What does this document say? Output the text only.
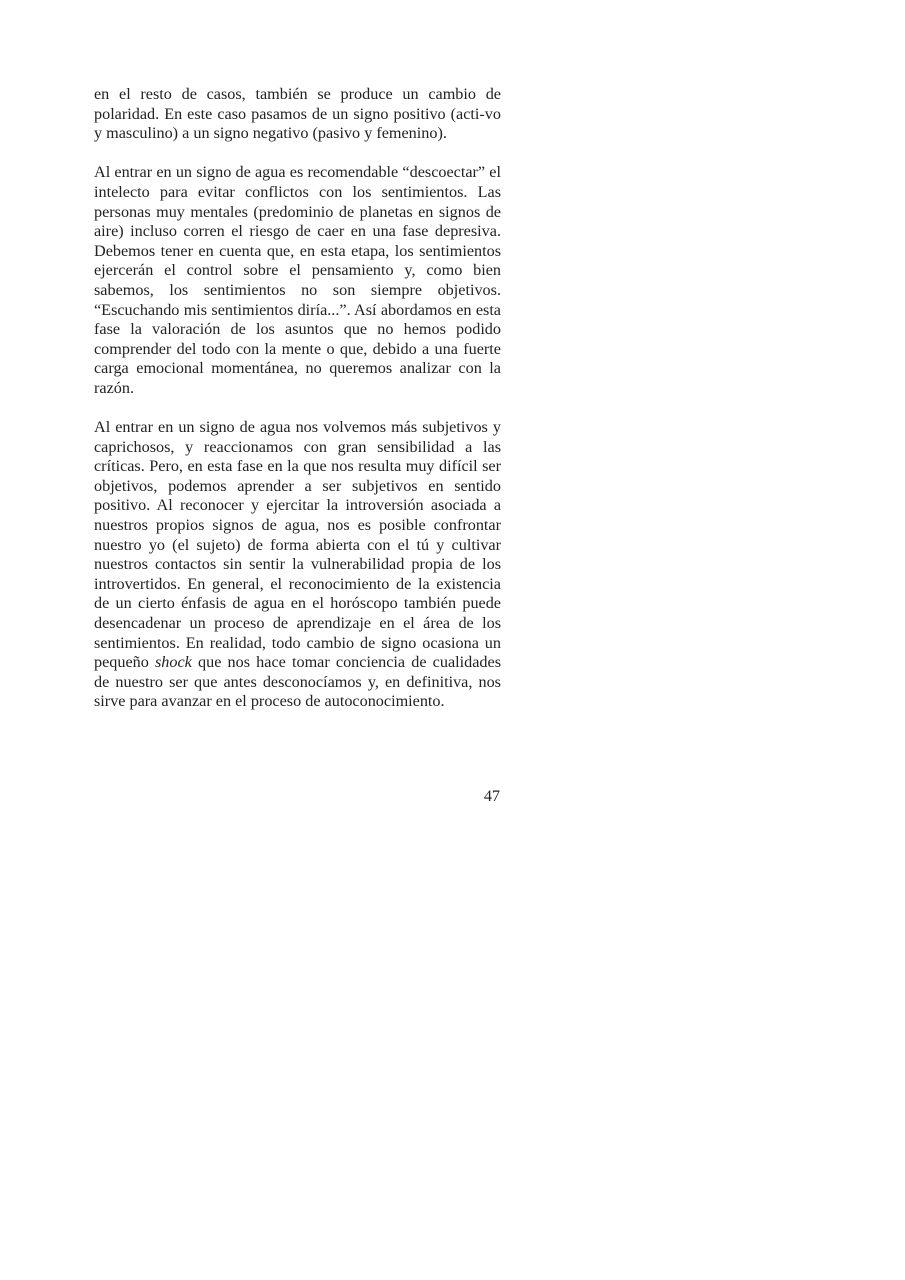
en el resto de casos, también se produce un cambio de polaridad. En este caso pasamos de un signo positivo (acti-vo y masculino) a un signo negativo (pasivo y femenino).

Al entrar en un signo de agua es recomendable “descoectar” el intelecto para evitar conflictos con los sentimientos. Las personas muy mentales (predominio de planetas en signos de aire) incluso corren el riesgo de caer en una fase depresiva. Debemos tener en cuenta que, en esta etapa, los sentimientos ejercerán el control sobre el pensamiento y, como bien sabemos, los sentimientos no son siempre objetivos. “Escuchando mis sentimientos diría...”. Así abordamos en esta fase la valoración de los asuntos que no hemos podido comprender del todo con la mente o que, debido a una fuerte carga emocional momentánea, no queremos analizar con la razón.

Al entrar en un signo de agua nos volvemos más subjetivos y caprichosos, y reaccionamos con gran sensibilidad a las críticas. Pero, en esta fase en la que nos resulta muy difícil ser objetivos, podemos aprender a ser subjetivos en sentido positivo. Al reconocer y ejercitar la introversión asociada a nuestros propios signos de agua, nos es posible confrontar nuestro yo (el sujeto) de forma abierta con el tú y cultivar nuestros contactos sin sentir la vulnerabilidad propia de los introvertidos. En general, el reconocimiento de la existencia de un cierto énfasis de agua en el horóscopo también puede desencadenar un proceso de aprendizaje en el área de los sentimientos. En realidad, todo cambio de signo ocasiona un pequeño shock que nos hace tomar conciencia de cualidades de nuestro ser que antes desconocíamos y, en definitiva, nos sirve para avanzar en el proceso de autoconocimiento.

47
